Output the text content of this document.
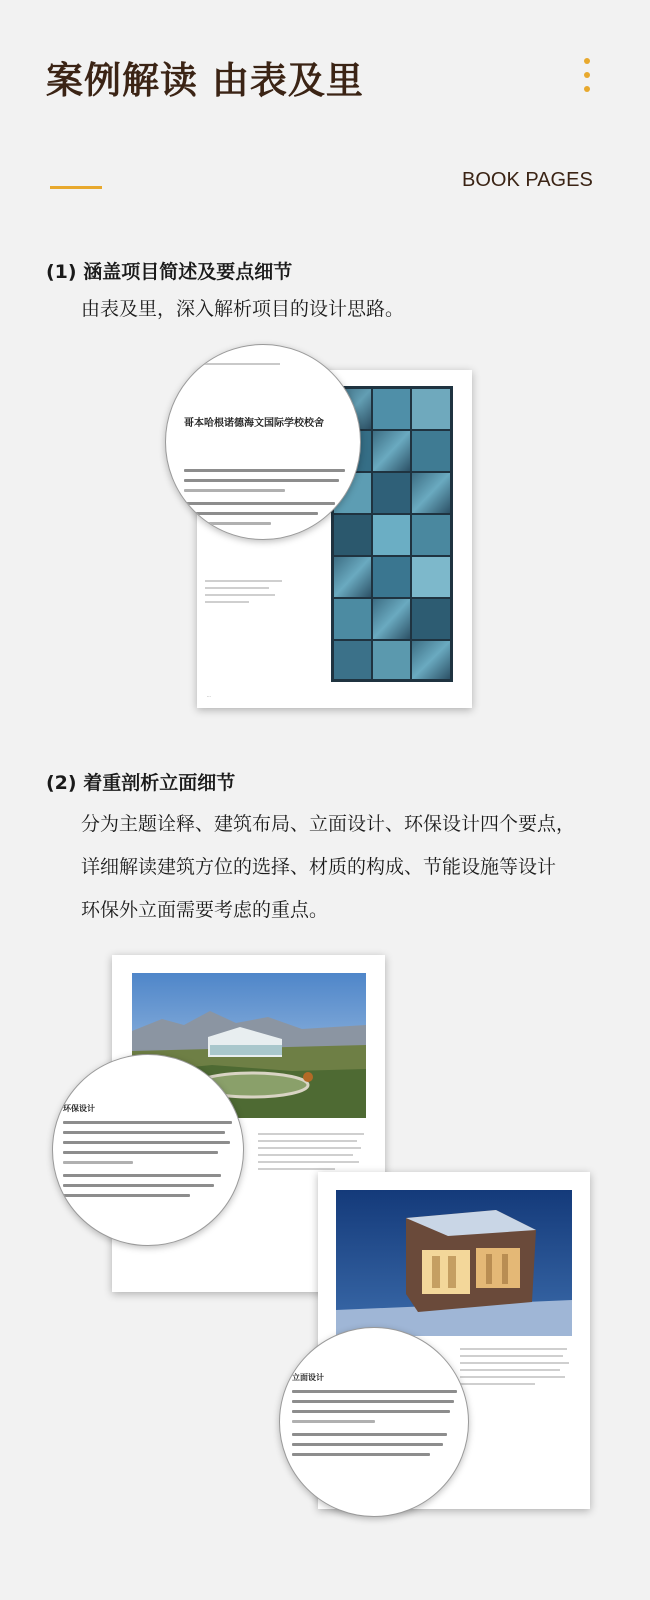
案例解读 由表及里
BOOK PAGES
(1) 涵盖项目简述及要点细节
由表及里，深入解析项目的设计思路。
···
哥本哈根诺德海文国际学校校舍
(2) 着重剖析立面细节
分为主题诠释、建筑布局、立面设计、环保设计四个要点，
详细解读建筑方位的选择、材质的构成、节能设施等设计
环保外立面需要考虑的重点。
环保设计
立面设计
